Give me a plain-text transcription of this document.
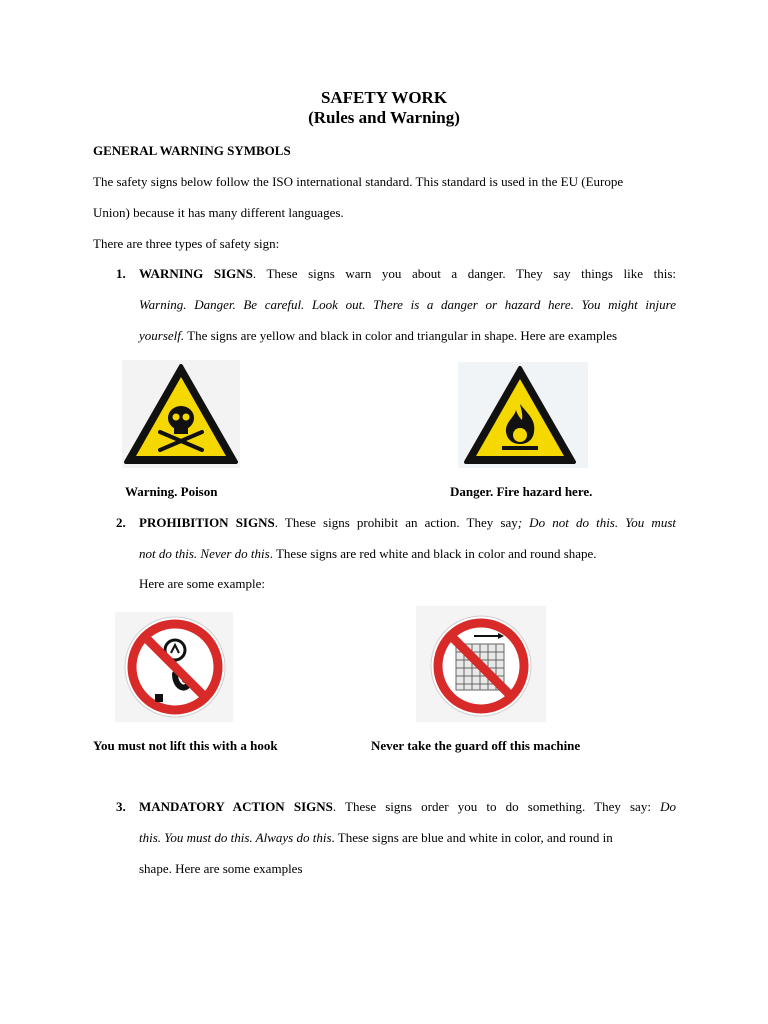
SAFETY WORK
(Rules and Warning)
GENERAL WARNING SYMBOLS
The safety signs below follow the ISO international standard. This standard is used in the EU (Europe
Union) because it has many different languages.
There are three types of safety sign:
1. WARNING SIGNS. These signs warn you about a danger. They say things like this:
Warning. Danger. Be careful. Look out. There is a danger or hazard here. You might injure
yourself. The signs are yellow and black in color and triangular in shape. Here are examples
Warning. Poison	Danger. Fire hazard here.
2. PROHIBITION SIGNS. These signs prohibit an action. They say; Do not do this. You must
not do this. Never do this. These signs are red white and black in color and round shape.
Here are some example:
You must not lift this with a hook	Never take the guard off this machine
3. MANDATORY ACTION SIGNS. These signs order you to do something. They say: Do
this. You must do this. Always do this. These signs are blue and white in color, and round in
shape. Here are some examples
